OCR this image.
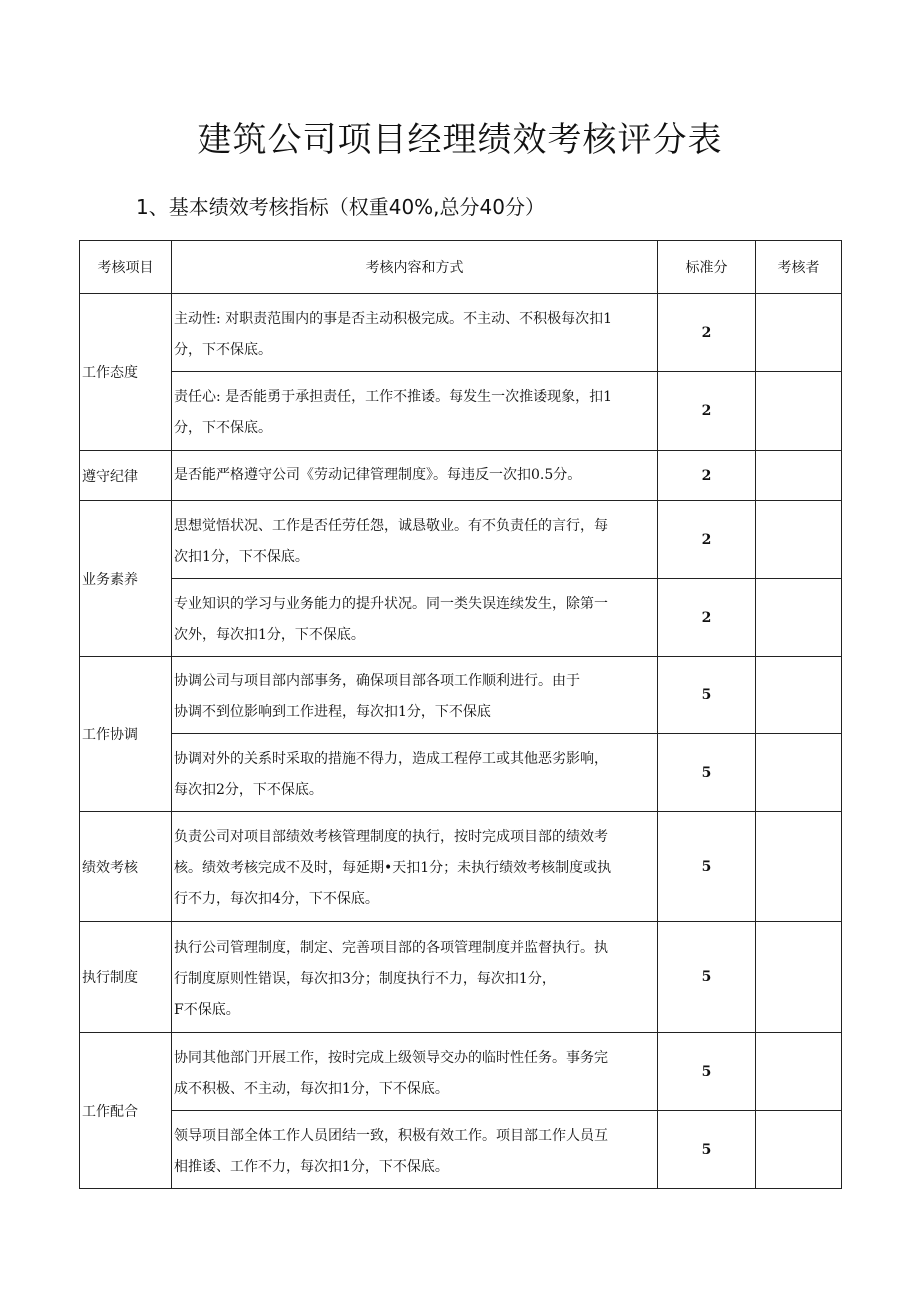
建筑公司项目经理绩效考核评分表
1、基本绩效考核指标（权重40%,总分40分）
考核项目	考核内容和方式	标准分	考核者
工作态度	主动性: 对职责范围内的事是否主动积极完成。不主动、不积极每次扣1
分，下不保底。	2	
	责任心: 是否能勇于承担责任，工作不推诿。每发生一次推诿现象，扣1
分，下不保底。	2	
遵守纪律	是否能严格遵守公司《劳动记律管理制度》。每违反一次扣0.5分。	2	
业务素养	思想觉悟状况、工作是否任劳任怨，诚恳敬业。有不负责任的言行，每
次扣1分，下不保底。	2	
	专业知识的学习与业务能力的提升状况。同一类失误连续发生，除第一
次外，每次扣1分，下不保底。	2	
工作协调	协调公司与项目部内部事务，确保项目部各项工作顺利进行。由于
协调不到位影响到工作进程，每次扣1分，下不保底	5	
	协调对外的关系时采取的措施不得力，造成工程停工或其他恶劣影响，
每次扣2分，下不保底。	5	
绩效考核	负责公司对项目部绩效考核管理制度的执行，按时完成项目部的绩效考
核。绩效考核完成不及时，每延期•天扣1分；未执行绩效考核制度或执
行不力，每次扣4分，下不保底。	5	
执行制度	执行公司管理制度，制定、完善项目部的各项管理制度并监督执行。执
行制度原则性错误，每次扣3分；制度执行不力，每次扣1分，
F不保底。	5	
工作配合	协同其他部门开展工作，按时完成上级领导交办的临时性任务。事务完
成不积极、不主动，每次扣1分，下不保底。	5	
	领导项目部全体工作人员团结一致，积极有效工作。项目部工作人员互
相推诿、工作不力，每次扣1分，下不保底。	5	
